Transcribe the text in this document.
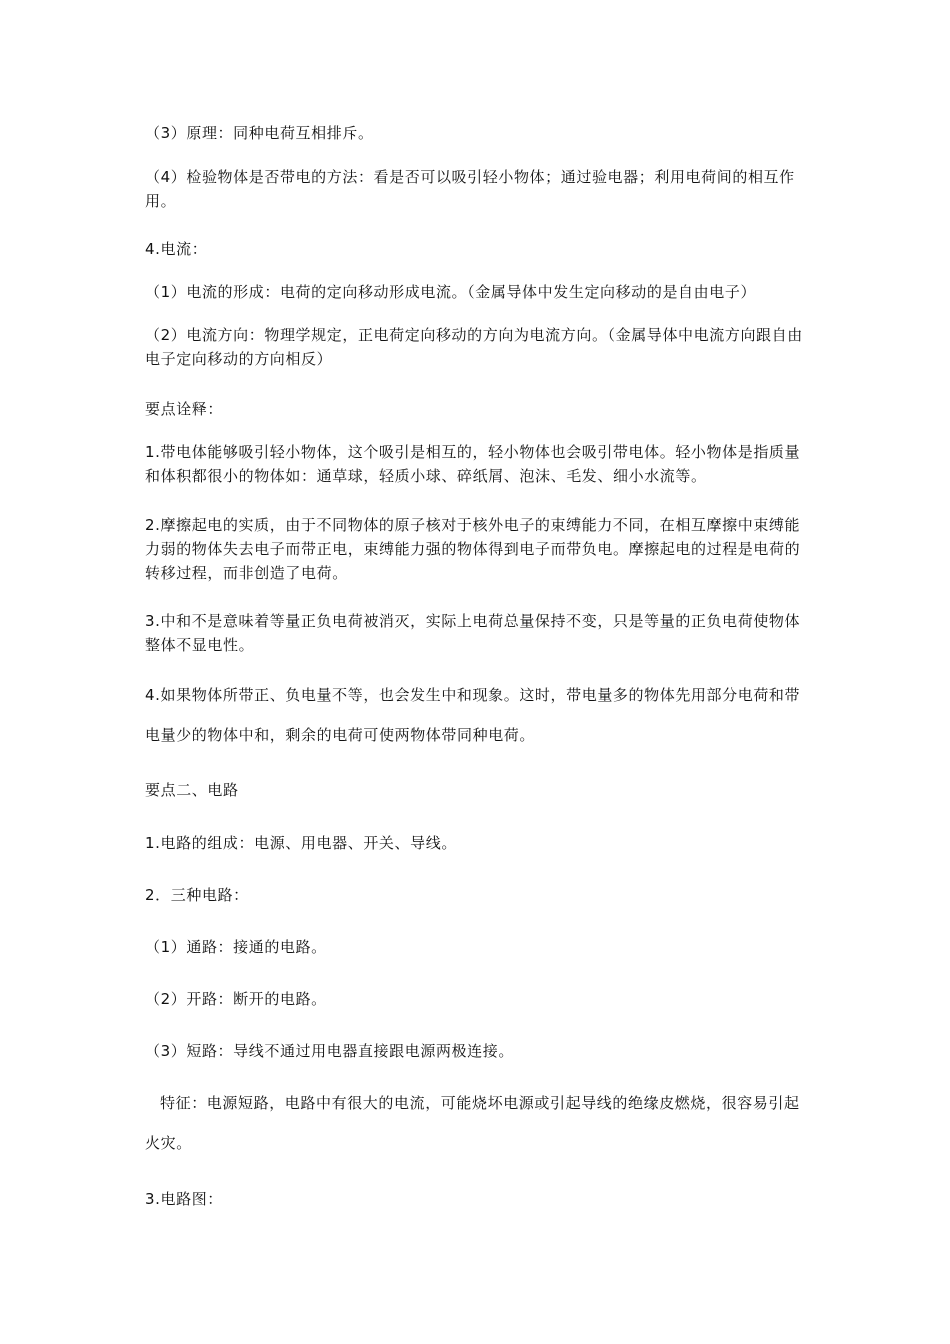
（3）原理：同种电荷互相排斥。

（4）检验物体是否带电的方法：看是否可以吸引轻小物体；通过验电器；利用电荷间的相互作用。

4.电流：

（1）电流的形成：电荷的定向移动形成电流。（金属导体中发生定向移动的是自由电子）

（2）电流方向：物理学规定，正电荷定向移动的方向为电流方向。（金属导体中电流方向跟自由电子定向移动的方向相反）

要点诠释：

1.带电体能够吸引轻小物体，这个吸引是相互的，轻小物体也会吸引带电体。轻小物体是指质量和体积都很小的物体如：通草球，轻质小球、碎纸屑、泡沫、毛发、细小水流等。

2.摩擦起电的实质，由于不同物体的原子核对于核外电子的束缚能力不同，在相互摩擦中束缚能力弱的物体失去电子而带正电，束缚能力强的物体得到电子而带负电。摩擦起电的过程是电荷的转移过程，而非创造了电荷。

3.中和不是意味着等量正负电荷被消灭，实际上电荷总量保持不变，只是等量的正负电荷使物体整体不显电性。

4.如果物体所带正、负电量不等，也会发生中和现象。这时，带电量多的物体先用部分电荷和带电量少的物体中和，剩余的电荷可使两物体带同种电荷。

要点二、电路

1.电路的组成：电源、用电器、开关、导线。

2．三种电路：

（1）通路：接通的电路。

（2）开路：断开的电路。

（3）短路：导线不通过用电器直接跟电源两极连接。

特征：电源短路，电路中有很大的电流，可能烧坏电源或引起导线的绝缘皮燃烧，很容易引起火灾。

3.电路图：
